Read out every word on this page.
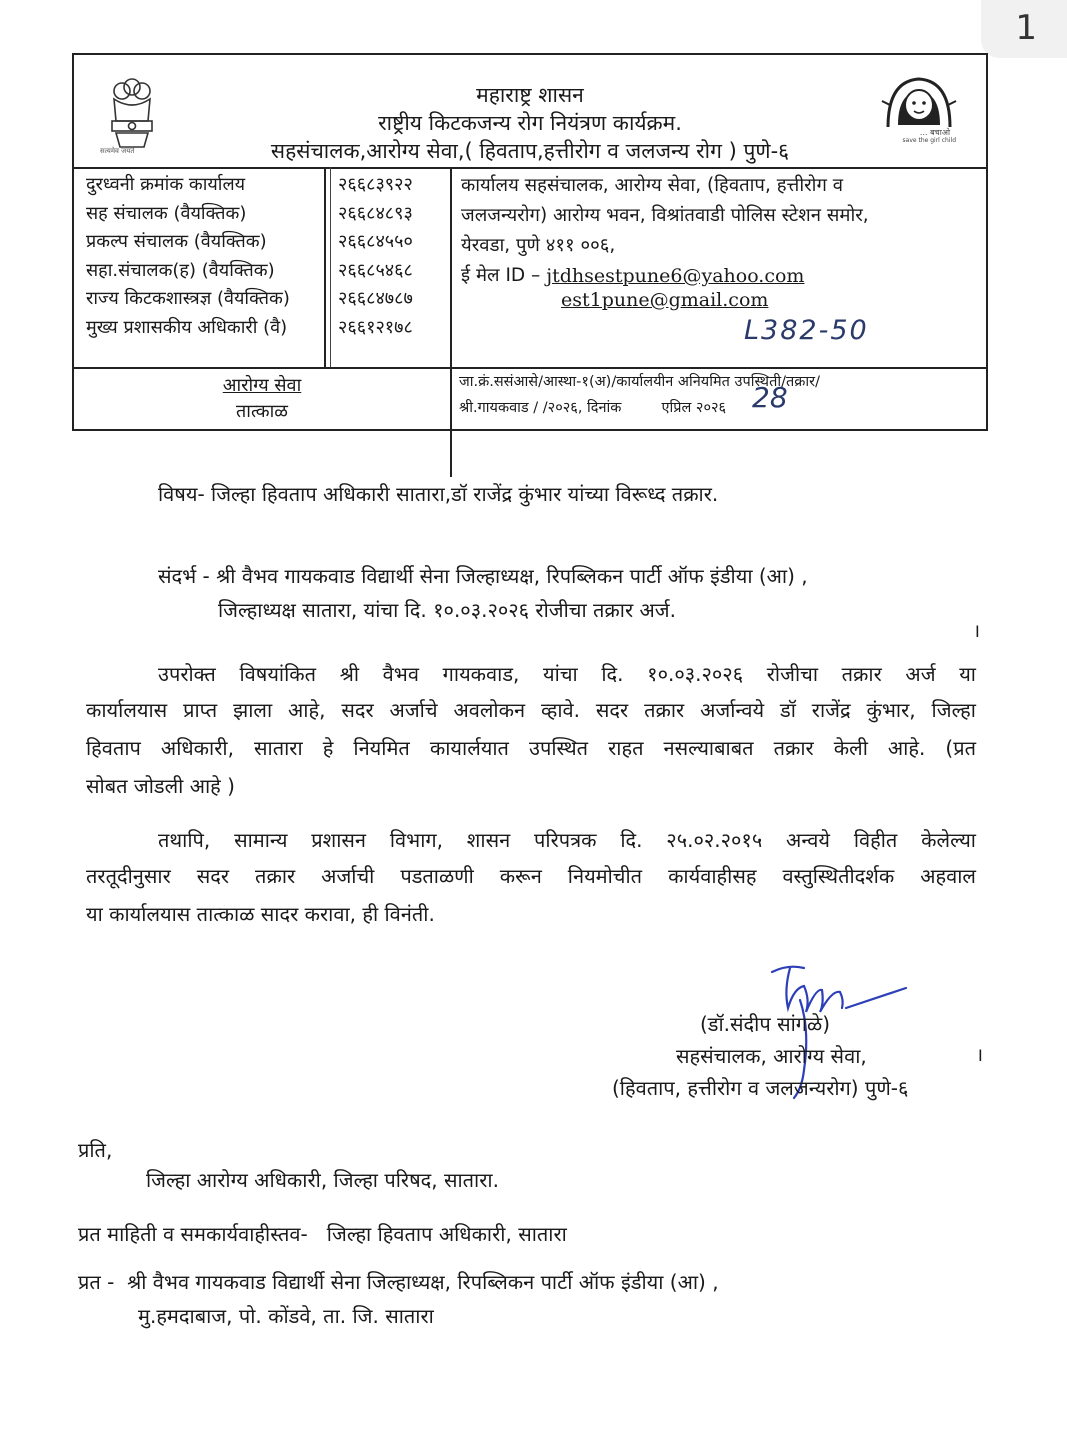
1
सत्यमेव जयते
महाराष्ट्र शासन
राष्ट्रीय किटकजन्य रोग नियंत्रण कार्यक्रम.
सहसंचालक,आरोग्य सेवा,( हिवताप,हत्तीरोग व जलजन्य रोग ) पुणे-६
... बचाओ
save the girl child
दुरध्वनी क्रमांक कार्यालय
सह संचालक (वैयक्तिक)
प्रकल्प संचालक (वैयक्तिक)
सहा.संचालक(ह) (वैयक्तिक)
राज्य किटकशास्त्रज्ञ (वैयक्तिक)
मुख्य प्रशासकीय अधिकारी (वै)
२६६८३९२२
२६६८४८९३
२६६८४५५०
२६६८५४६८
२६६८४७८७
२६६१२१७८
कार्यालय सहसंचालक, आरोग्य सेवा, (हिवताप, हत्तीरोग व
जलजन्यरोग) आरोग्य भवन, विश्रांतवाडी पोलिस स्टेशन समोर,
येरवडा, पुणे ४११ ००६,
ई मेल ID –
jtdhsestpune6@yahoo.com
est1pune@gmail.com
L382-50
आरोग्य सेवा
तात्काळ
जा.क्रं.ससंआसे/आस्था-१(अ)/कार्यालयीन अनियमित उपस्थिती/तक्रार/
श्री.गायकवाड / /२०२६, दिनांक	एप्रिल २०२६ 28
विषय- जिल्हा हिवताप अधिकारी सातारा,डॉ राजेंद्र कुंभार यांच्या विरूध्द तक्रार.
संदर्भ - श्री वैभव गायकवाड विद्यार्थी सेना जिल्हाध्यक्ष, रिपब्लिकन पार्टी ऑफ इंडीया (आ) ,
जिल्हाध्यक्ष सातारा, यांचा दि. १०.०३.२०२६ रोजीचा तक्रार अर्ज.
I
उपरोक्त विषयांकित श्री वैभव गायकवाड, यांचा दि. १०.०३.२०२६ रोजीचा तक्रार अर्ज या
कार्यालयास प्राप्त झाला आहे, सदर अर्जाचे अवलोकन व्हावे. सदर तक्रार अर्जान्वये डॉ राजेंद्र कुंभार, जिल्हा
हिवताप अधिकारी, सातारा हे नियमित कायार्लयात उपस्थित राहत नसल्याबाबत तक्रार केली आहे. (प्रत
सोबत जोडली आहे )
तथापि, सामान्य प्रशासन विभाग, शासन परिपत्रक दि. २५.०२.२०१५ अन्वये विहीत केलेल्या
तरतूदीनुसार सदर तक्रार अर्जाची पडताळणी करून नियमोचीत कार्यवाहीसह वस्तुस्थितीदर्शक अहवाल
या कार्यालयास तात्काळ सादर करावा, ही विनंती.
(डॉ.संदीप सांगळे)
सहसंचालक, आरोग्य सेवा,	I
(हिवताप, हत्तीरोग व जलजन्यरोग) पुणे-६
प्रति,
जिल्हा आरोग्य अधिकारी, जिल्हा परिषद, सातारा.
प्रत माहिती व समकार्यवाहीस्तव-   जिल्हा हिवताप अधिकारी, सातारा
प्रत -  श्री वैभव गायकवाड विद्यार्थी सेना जिल्हाध्यक्ष, रिपब्लिकन पार्टी ऑफ इंडीया (आ) ,
मु.हमदाबाज, पो. कोंडवे, ता. जि. सातारा
